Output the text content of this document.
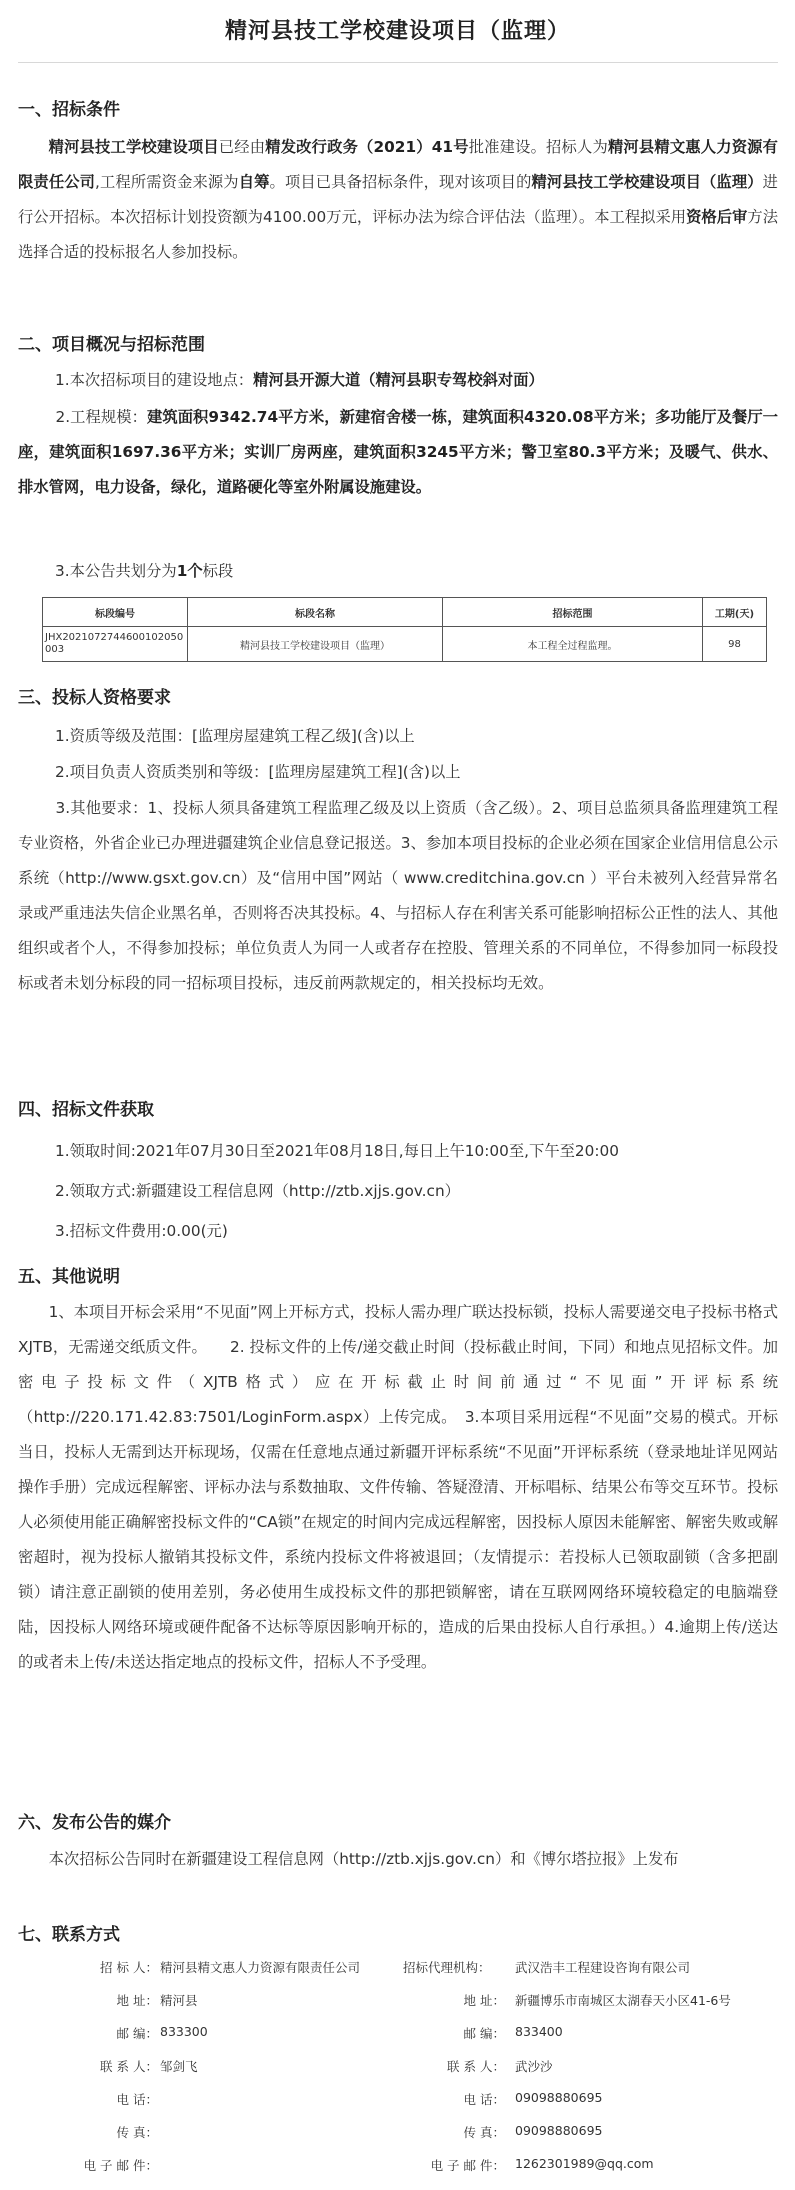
精河县技工学校建设项目（监理）
一、招标条件
精河县技工学校建设项目已经由精发改行政务（2021）41号批准建设。招标人为精河县精文惠人力资源有限责任公司,工程所需资金来源为自筹。项目已具备招标条件，现对该项目的精河县技工学校建设项目（监理）进行公开招标。本次招标计划投资额为4100.00万元，评标办法为综合评估法（监理）。本工程拟采用资格后审方法选择合适的投标报名人参加投标。
二、项目概况与招标范围
1.本次招标项目的建设地点：精河县开源大道（精河县职专驾校斜对面）
2.工程规模：建筑面积9342.74平方米，新建宿舍楼一栋，建筑面积4320.08平方米；多功能厅及餐厅一座，建筑面积1697.36平方米；实训厂房两座，建筑面积3245平方米；警卫室80.3平方米；及暖气、供水、排水管网，电力设备，绿化，道路硬化等室外附属设施建设。
3.本公告共划分为1个标段
标段编号	标段名称	招标范围	工期(天)
JHX2021072744600102050003	精河县技工学校建设项目（监理）	本工程全过程监理。	98
三、投标人资格要求
1.资质等级及范围：[监理房屋建筑工程乙级](含)以上
2.项目负责人资质类别和等级：[监理房屋建筑工程](含)以上
3.其他要求：1、投标人须具备建筑工程监理乙级及以上资质（含乙级）。2、项目总监须具备监理建筑工程专业资格，外省企业已办理进疆建筑企业信息登记报送。3、参加本项目投标的企业必须在国家企业信用信息公示系统（http://www.gsxt.gov.cn）及“信用中国”网站（ www.creditchina.gov.cn ）平台未被列入经营异常名录或严重违法失信企业黑名单，否则将否决其投标。4、与招标人存在利害关系可能影响招标公正性的法人、其他组织或者个人，不得参加投标；单位负责人为同一人或者存在控股、管理关系的不同单位，不得参加同一标段投标或者未划分标段的同一招标项目投标，违反前两款规定的，相关投标均无效。
四、招标文件获取
1.领取时间:2021年07月30日至2021年08月18日,每日上午10:00至,下午至20:00
2.领取方式:新疆建设工程信息网（http://ztb.xjjs.gov.cn）
3.招标文件费用:0.00(元)
五、其他说明
1、本项目开标会采用“不见面”网上开标方式，投标人需办理广联达投标锁，投标人需要递交电子投标书格式XJTB，无需递交纸质文件。　　2. 投标文件的上传/递交截止时间（投标截止时间，下同）和地点见招标文件。加密电子投标文件（XJTB格式）应在开标截止时间前通过“不见面”开评标系统（http://220.171.42.83:7501/LoginForm.aspx）上传完成。　3.本项目采用远程“不见面”交易的模式。开标当日，投标人无需到达开标现场，仅需在任意地点通过新疆开评标系统“不见面”开评标系统（登录地址详见网站操作手册）完成远程解密、评标办法与系数抽取、文件传输、答疑澄清、开标唱标、结果公布等交互环节。投标人必须使用能正确解密投标文件的“CA锁”在规定的时间内完成远程解密，因投标人原因未能解密、解密失败或解密超时，视为投标人撤销其投标文件，系统内投标文件将被退回；（友情提示：若投标人已领取副锁（含多把副锁）请注意正副锁的使用差别，务必使用生成投标文件的那把锁解密，请在互联网网络环境较稳定的电脑端登陆，因投标人网络环境或硬件配备不达标等原因影响开标的，造成的后果由投标人自行承担。）4.逾期上传/送达的或者未上传/未送达指定地点的投标文件，招标人不予受理。
六、发布公告的媒介
本次招标公告同时在新疆建设工程信息网（http://ztb.xjjs.gov.cn）和《博尔塔拉报》上发布
七、联系方式
招 标 人： 精河县精文惠人力资源有限责任公司
地 址： 精河县
邮 编： 833300
联 系 人： 邹剑飞
电 话：
传 真：
电 子 邮 件：
招标代理机构： 武汉浩丰工程建设咨询有限公司
地 址： 新疆博乐市南城区太湖春天小区41-6号
邮 编： 833400
联 系 人： 武沙沙
电 话： 09098880695
传 真： 09098880695
电 子 邮 件： 1262301989@qq.com
